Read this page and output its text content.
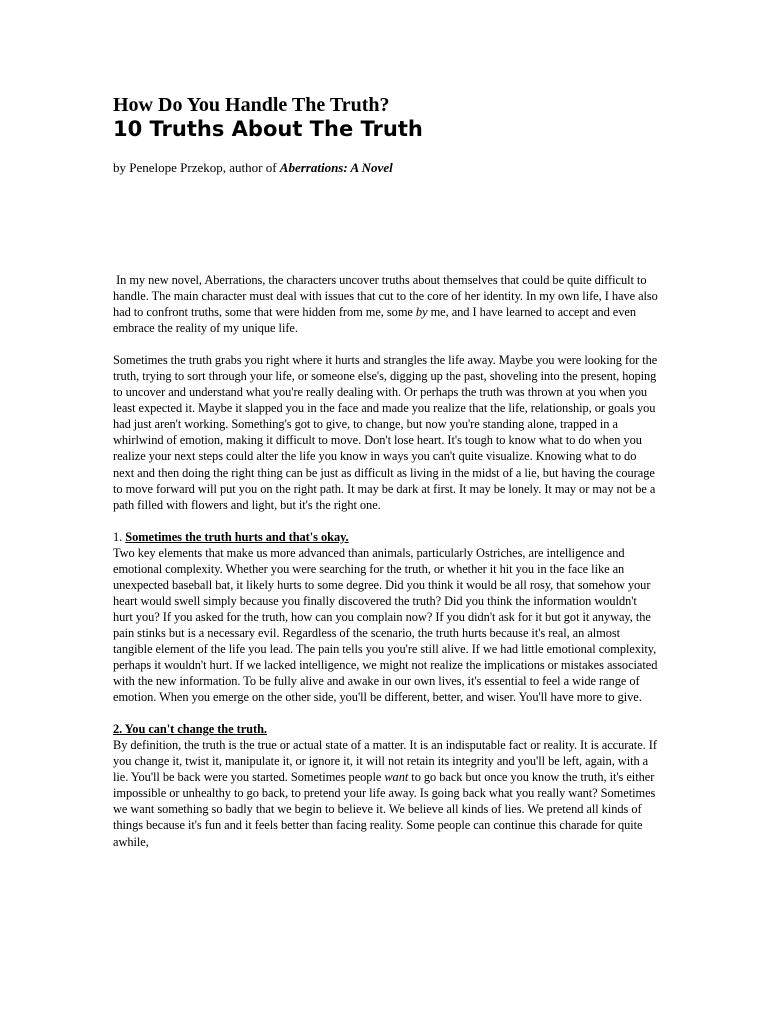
How Do You Handle The Truth?
10 Truths About The Truth
by Penelope Przekop, author of Aberrations: A Novel

In my new novel, Aberrations, the characters uncover truths about themselves that could be quite difficult to handle. The main character must deal with issues that cut to the core of her identity. In my own life, I have also had to confront truths, some that were hidden from me, some by me, and I have learned to accept and even embrace the reality of my unique life.

Sometimes the truth grabs you right where it hurts and strangles the life away. Maybe you were looking for the truth, trying to sort through your life, or someone else's, digging up the past, shoveling into the present, hoping to uncover and understand what you're really dealing with. Or perhaps the truth was thrown at you when you least expected it. Maybe it slapped you in the face and made you realize that the life, relationship, or goals you had just aren't working. Something's got to give, to change, but now you're standing alone, trapped in a whirlwind of emotion, making it difficult to move. Don't lose heart. It's tough to know what to do when you realize your next steps could alter the life you know in ways you can't quite visualize. Knowing what to do next and then doing the right thing can be just as difficult as living in the midst of a lie, but having the courage to move forward will put you on the right path. It may be dark at first. It may be lonely. It may or may not be a path filled with flowers and light, but it's the right one.

1. Sometimes the truth hurts and that's okay.
Two key elements that make us more advanced than animals, particularly Ostriches, are intelligence and emotional complexity. Whether you were searching for the truth, or whether it hit you in the face like an unexpected baseball bat, it likely hurts to some degree. Did you think it would be all rosy, that somehow your heart would swell simply because you finally discovered the truth? Did you think the information wouldn't hurt you? If you asked for the truth, how can you complain now? If you didn't ask for it but got it anyway, the pain stinks but is a necessary evil. Regardless of the scenario, the truth hurts because it's real, an almost tangible element of the life you lead. The pain tells you you're still alive. If we had little emotional complexity, perhaps it wouldn't hurt. If we lacked intelligence, we might not realize the implications or mistakes associated with the new information. To be fully alive and awake in our own lives, it's essential to feel a wide range of emotion. When you emerge on the other side, you'll be different, better, and wiser. You'll have more to give.

2. You can't change the truth.
By definition, the truth is the true or actual state of a matter. It is an indisputable fact or reality. It is accurate. If you change it, twist it, manipulate it, or ignore it, it will not retain its integrity and you'll be left, again, with a lie. You'll be back were you started. Sometimes people want to go back but once you know the truth, it's either impossible or unhealthy to go back, to pretend your life away. Is going back what you really want? Sometimes we want something so badly that we begin to believe it. We believe all kinds of lies. We pretend all kinds of things because it's fun and it feels better than facing reality. Some people can continue this charade for quite awhile,
